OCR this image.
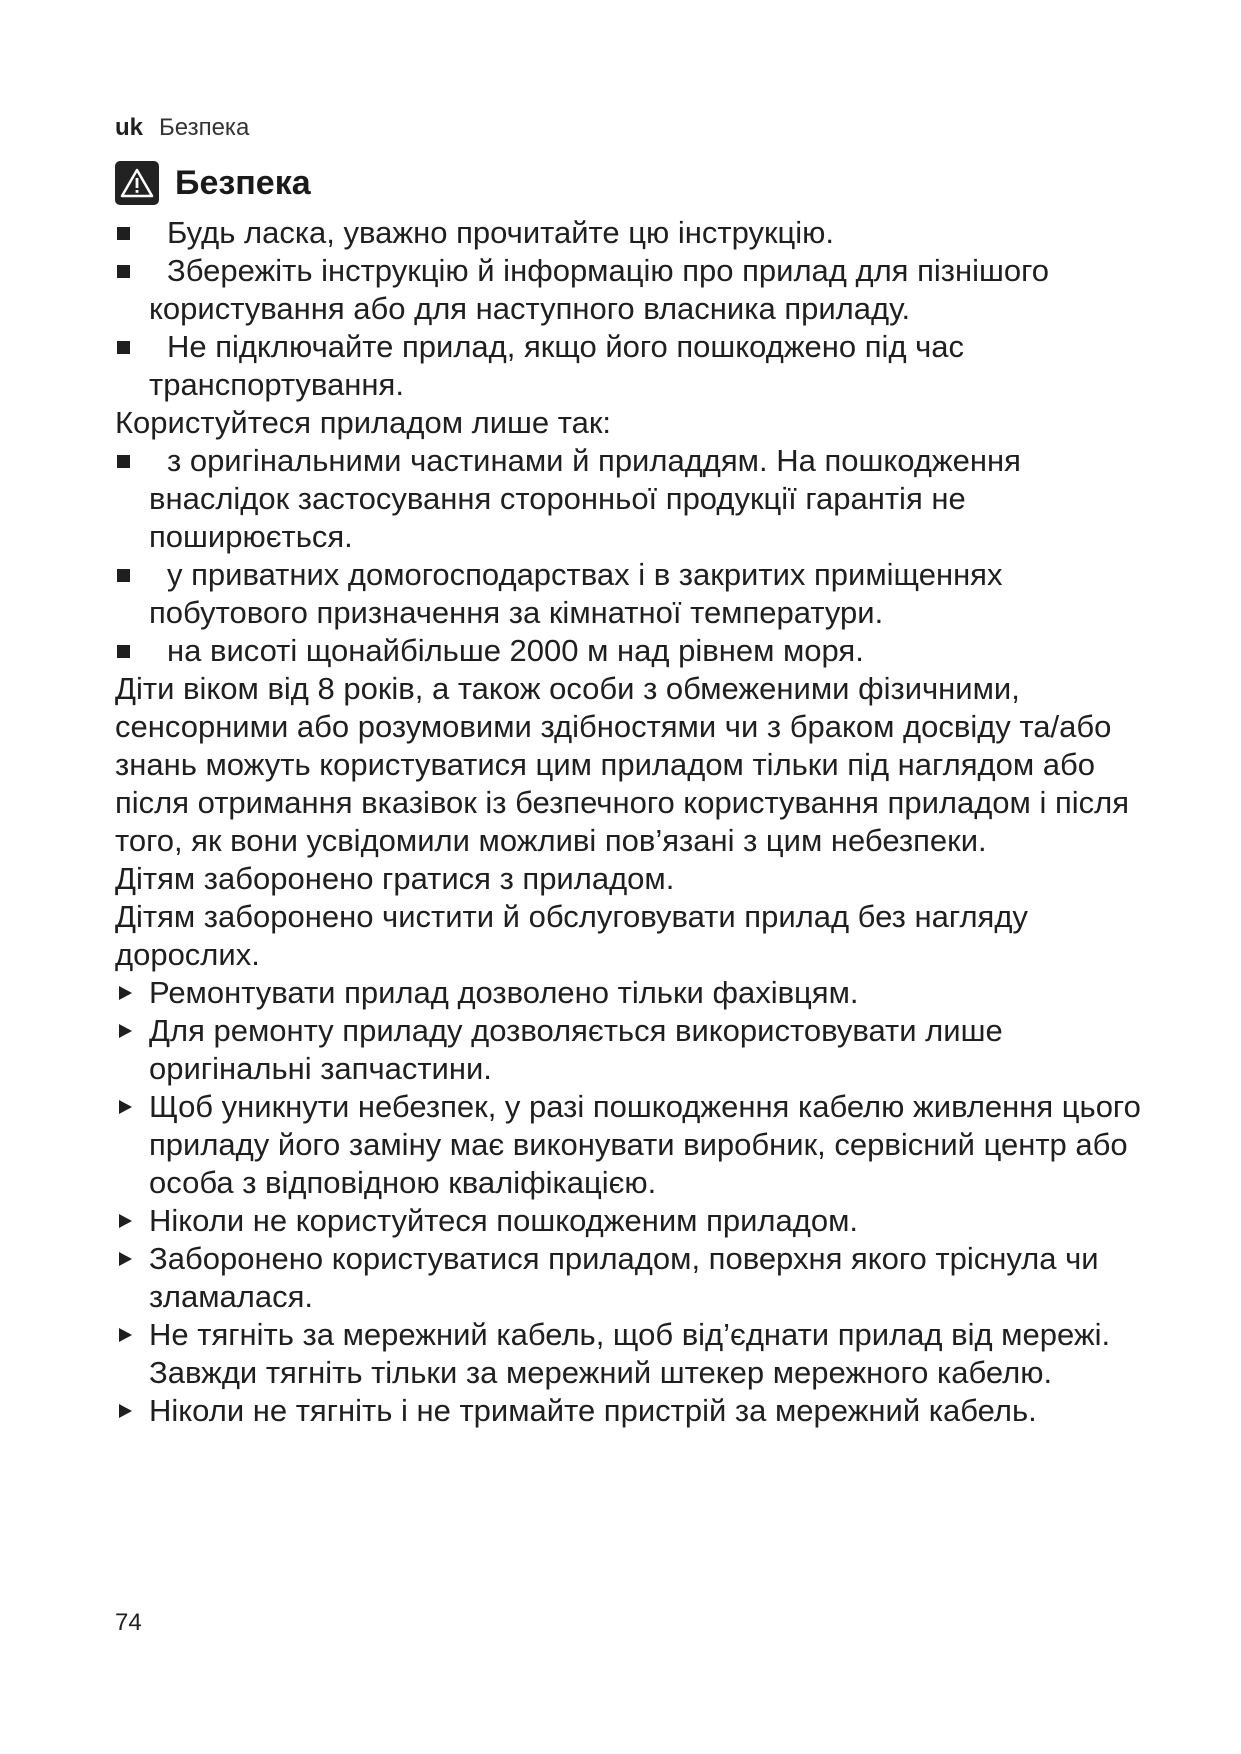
uk Безпека
Безпека
Будь ласка, уважно прочитайте цю інструкцію.
Збережіть інструкцію й інформацію про прилад для пізнішого користування або для наступного власника приладу.
Не підключайте прилад, якщо його пошкоджено під час транспортування.

Користуйтеся приладом лише так:

з оригінальними частинами й приладдям. На пошкодження внаслідок застосування сторонньої продукції гарантія не поширюється.
у приватних домогосподарствах і в закритих приміщеннях побутового призначення за кімнатної температури.
на висоті щонайбільше 2000 м над рівнем моря.

Діти віком від 8 років, а також особи з обмеженими фізичними, сенсорними або розумовими здібностями чи з браком досвіду та/або знань можуть користуватися цим приладом тільки під наглядом або після отримання вказівок із безпечного користування приладом і після того, як вони усвідомили можливі пов’язані з цим небезпеки.

Дітям заборонено гратися з приладом.

Дітям заборонено чистити й обслуговувати прилад без нагляду дорослих.

Ремонтувати прилад дозволено тільки фахівцям.
Для ремонту приладу дозволяється використовувати лише оригінальні запчастини.
Щоб уникнути небезпек, у разі пошкодження кабелю живлення цього приладу його заміну має виконувати виробник, сервісний центр або особа з відповідною кваліфікацією.
Ніколи не користуйтеся пошкодженим приладом.
Заборонено користуватися приладом, поверхня якого тріснула чи зламалася.
Не тягніть за мережний кабель, щоб від’єднати прилад від мережі. Завжди тягніть тільки за мережний штекер мережного кабелю.
Ніколи не тягніть і не тримайте пристрій за мережний кабель.
74
